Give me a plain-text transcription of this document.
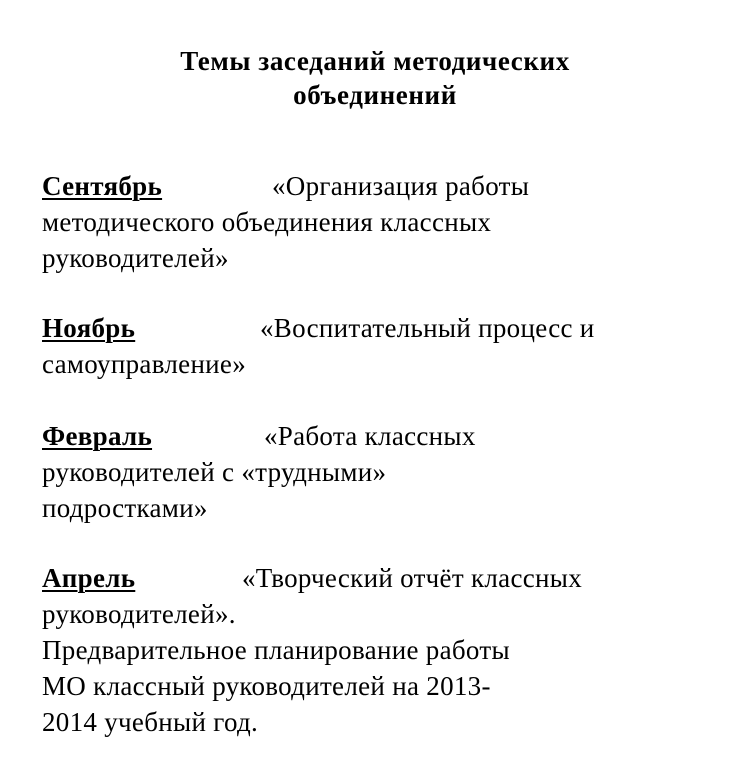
Темы заседаний методических
объединений
Сентябрь	«Организация работы
методического объединения классных
руководителей»
Ноябрь	«Воспитательный процесс и
самоуправление»
Февраль	«Работа классных
руководителей с «трудными»
подростками»
Апрель	«Творческий отчёт классных
руководителей».
Предварительное планирование работы
МО классный руководителей на 2013-
2014 учебный год.
